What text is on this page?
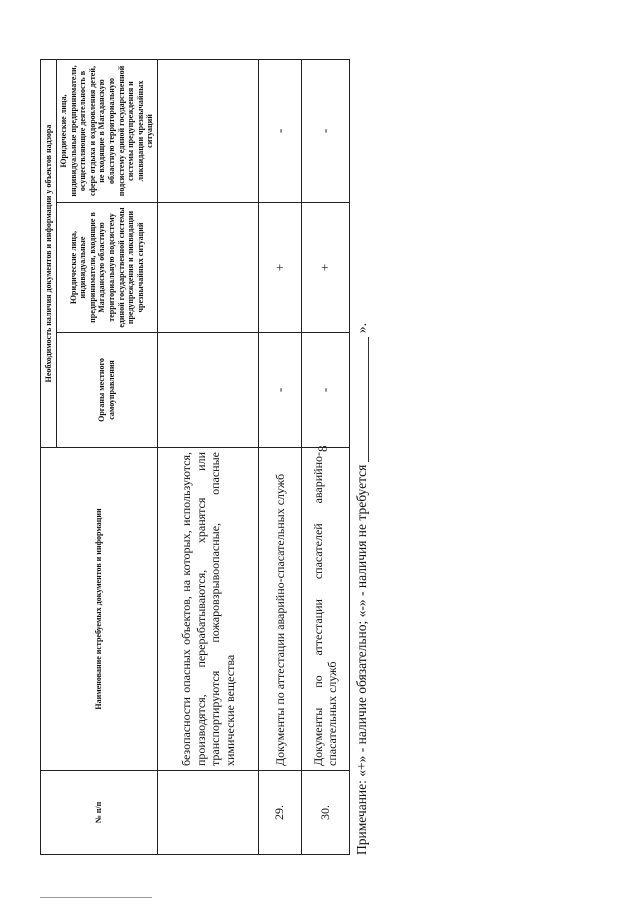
8
№ п/п	Наименование истребуемых документов и информации	Необходимость наличия документов и информации у объектов надзора		
		Органы местного самоуправления	Юридические лица, индивидуальные предприниматели, входящие в Магаданскую областную территориальную подсистему единой государственной системы предупреждения и ликвидации чрезвычайных ситуаций	Юридические лица, индивидуальные предприниматели, осуществляющие деятельность в сфере отдыха и оздоровления детей, не входящие в Магаданскую областную территориальную подсистему единой государственной системы предупреждения и ликвидации чрезвычайных ситуаций
	безопасности опасных объектов, на которых, используются, производятся, перерабатываются, хранятся или транспортируются пожаровзрывоопасные, опасные химические вещества			
29.	Документы по аттестации аварийно-спасательных служб	-	+	-
30.	Документы по аттестации спасателей аварийно-спасательных служб	-	+	-
Примечание: «+» - наличие обязательно; «-» - наличия не требуется
».
